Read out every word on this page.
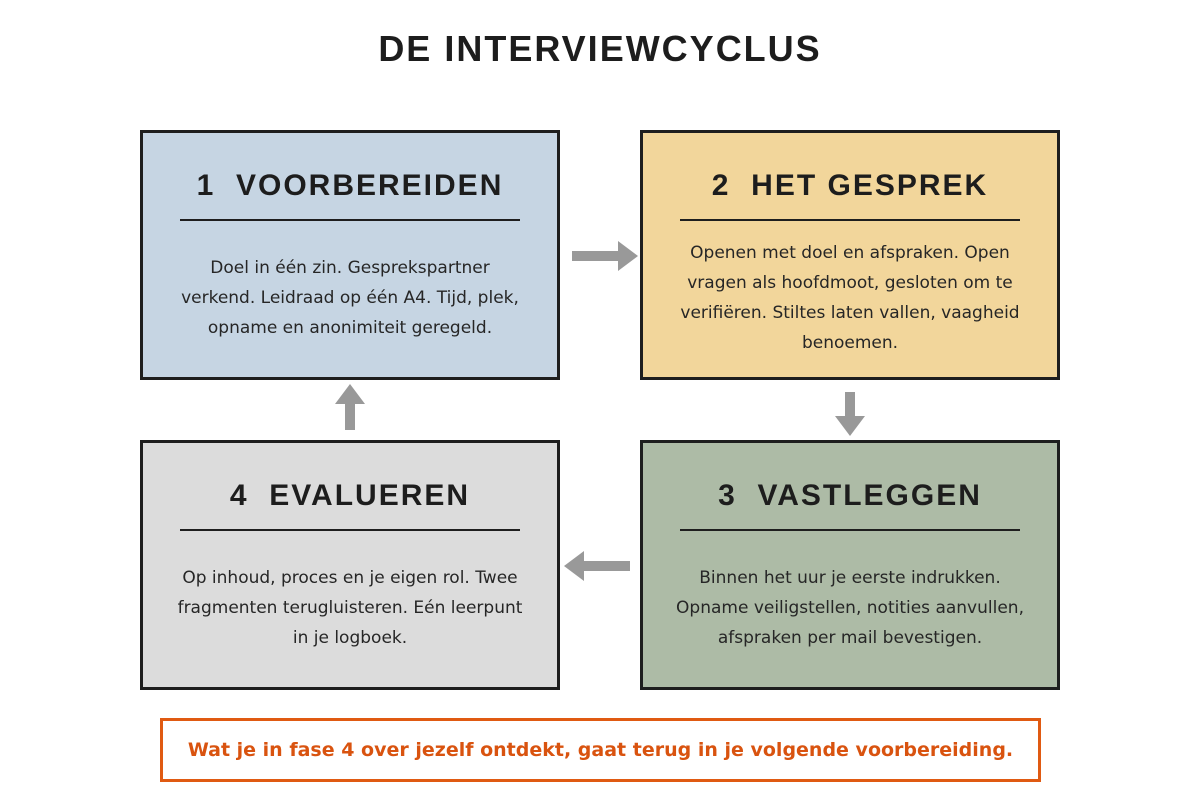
DE INTERVIEWCYCLUS
1 VOORBEREIDEN
Doel in één zin. Gesprekspartner verkend. Leidraad op één A4. Tijd, plek, opname en anonimiteit geregeld.
2 HET GESPREK
Openen met doel en afspraken. Open vragen als hoofdmoot, gesloten om te verifiëren. Stiltes laten vallen, vaagheid benoemen.
3 VASTLEGGEN
Binnen het uur je eerste indrukken. Opname veiligstellen, notities aanvullen, afspraken per mail bevestigen.
4 EVALUEREN
Op inhoud, proces en je eigen rol. Twee fragmenten terugluisteren. Eén leerpunt in je logboek.
Wat je in fase 4 over jezelf ontdekt, gaat terug in je volgende voorbereiding.
